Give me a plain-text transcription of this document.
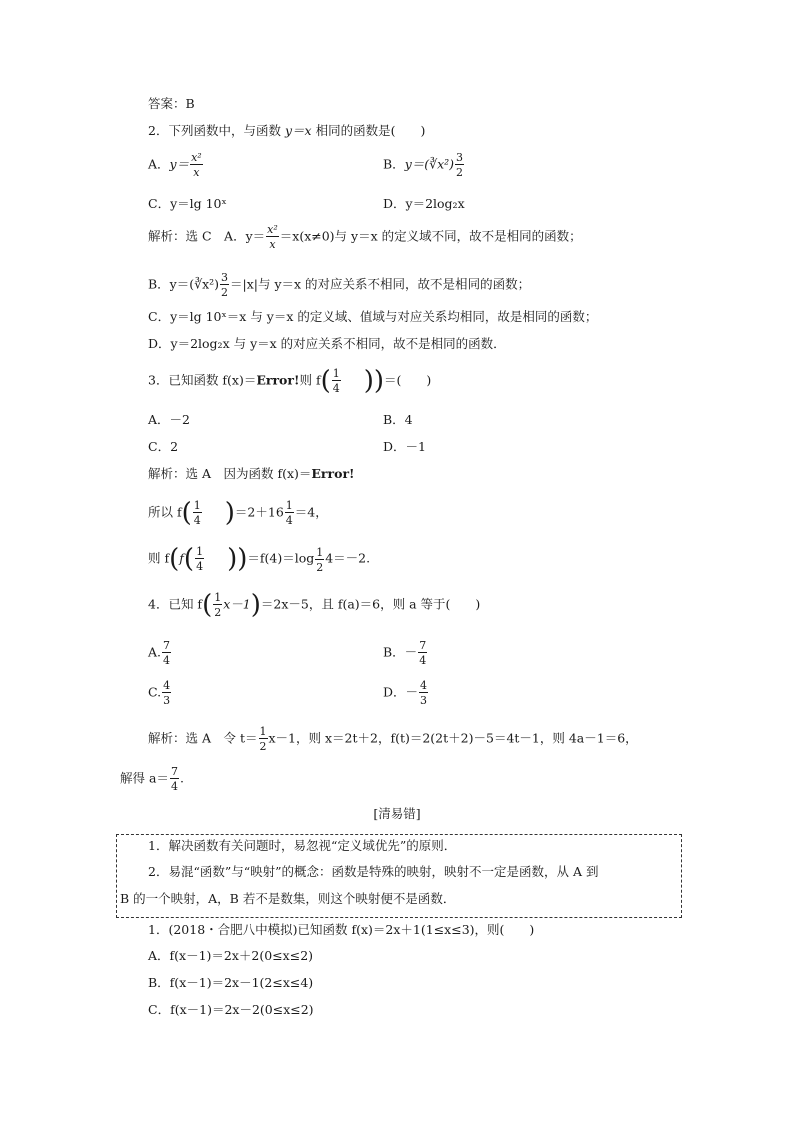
答案：B
2．下列函数中，与函数 y＝x 相同的函数是(　　)
A．$y= \frac{\text{x²}}{x}$	B．y＝(∛x²) $\frac{3}{2}$
C．y＝lg 10ˣ	D．y＝2log₂x
解析：选 C　A．$y= \frac{\text{x²}}{x} =x(x\ne 0)$与 y＝x 的定义域不同，故不是相同的函数；
B．y＝(∛x²) $\frac{3}{2} =|x|$与 y＝x 的对应关系不相同，故不是相同的函数；
C．y＝lg 10ˣ＝x 与 y＝x 的定义域、值域与对应关系均相同，故是相同的函数；
D．y＝2log₂x 与 y＝x 的对应关系不相同，故不是相同的函数．
3．已知函数 f(x)＝Error!则 $f( \frac{1}{4}$ ))＝(　　)
A．－2	B．4
C．2	D．－1
解析：选 A　因为函数 f(x)＝Error!
所以 $f( \frac{1}{4} )=2+16 \frac{1}{4} =4$，
则 $f(f( \frac{1}{4} ))=f(4)=\log \frac{1}{2} 4=-2$.
4．已知 $f( \frac{1}{2} x-1)=2x-5$，且 f(a)＝6，则 a 等于(　　)
A. $\frac{7}{4}$	B．－ $\frac{7}{4}$
C. $\frac{4}{3}$	D．－ $\frac{4}{3}$
解析：选 A　令 $t= \frac{1}{2} x-1$，则 x＝2t＋2，f(t)＝2(2t＋2)－5＝4t－1，则 4a－1＝6，
解得 $a= \frac{7}{4}$ .
[清易错]
1．解决函数有关问题时，易忽视“定义域优先”的原则．
2．易混“函数”与“映射”的概念：函数是特殊的映射，映射不一定是函数，从 A 到
B 的一个映射，A，B 若不是数集，则这个映射便不是函数．
1．(2018・合肥八中模拟)已知函数 f(x)＝2x＋1(1≤x≤3)，则(　　)
A．f(x－1)＝2x＋2(0≤x≤2)
B．f(x－1)＝2x－1(2≤x≤4)
C．f(x－1)＝2x－2(0≤x≤2)
